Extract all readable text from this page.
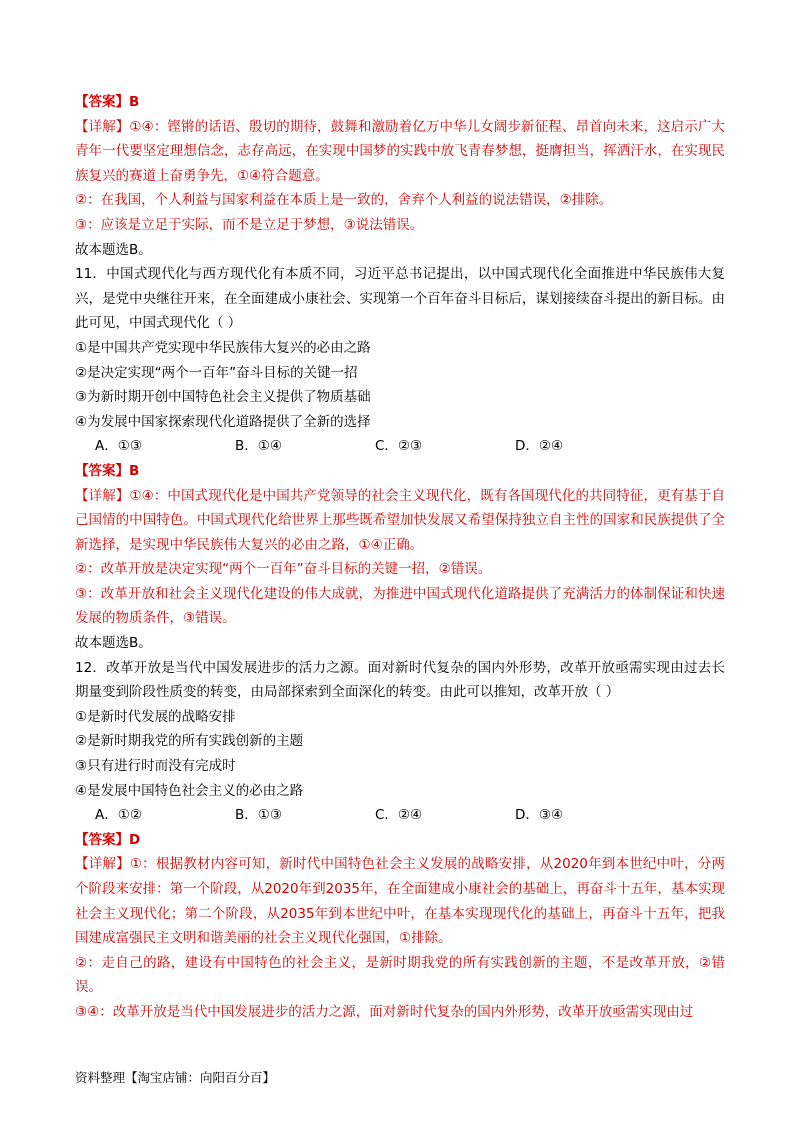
【答案】B
【详解】①④：铿锵的话语、殷切的期待，鼓舞和激励着亿万中华儿女阔步新征程、昂首向未来，这启示广大青年一代要坚定理想信念，志存高远，在实现中国梦的实践中放飞青春梦想，挺膺担当，挥洒汗水，在实现民族复兴的赛道上奋勇争先，①④符合题意。
②：在我国，个人利益与国家利益在本质上是一致的，舍弃个人利益的说法错误，②排除。
③：应该是立足于实际，而不是立足于梦想，③说法错误。
故本题选B。
11．中国式现代化与西方现代化有本质不同，习近平总书记提出，以中国式现代化全面推进中华民族伟大复兴，是党中央继往开来，在全面建成小康社会、实现第一个百年奋斗目标后，谋划接续奋斗提出的新目标。由此可见，中国式现代化（ ）
①是中国共产党实现中华民族伟大复兴的必由之路
②是决定实现“两个一百年”奋斗目标的关键一招
③为新时期开创中国特色社会主义提供了物质基础
④为发展中国家探索现代化道路提供了全新的选择
A．①③	B．①④	C．②③	D．②④
【答案】B
【详解】①④：中国式现代化是中国共产党领导的社会主义现代化，既有各国现代化的共同特征，更有基于自己国情的中国特色。中国式现代化给世界上那些既希望加快发展又希望保持独立自主性的国家和民族提供了全新选择，是实现中华民族伟大复兴的必由之路，①④正确。
②：改革开放是决定实现“两个一百年”奋斗目标的关键一招，②错误。
③：改革开放和社会主义现代化建设的伟大成就，为推进中国式现代化道路提供了充满活力的体制保证和快速发展的物质条件，③错误。
故本题选B。
12．改革开放是当代中国发展进步的活力之源。面对新时代复杂的国内外形势，改革开放亟需实现由过去长期量变到阶段性质变的转变，由局部探索到全面深化的转变。由此可以推知，改革开放（ ）
①是新时代发展的战略安排
②是新时期我党的所有实践创新的主题
③只有进行时而没有完成时
④是发展中国特色社会主义的必由之路
A．①②	B．①③	C．②④	D．③④
【答案】D
【详解】①：根据教材内容可知，新时代中国特色社会主义发展的战略安排，从2020年到本世纪中叶，分两个阶段来安排：第一个阶段，从2020年到2035年，在全面建成小康社会的基础上，再奋斗十五年，基本实现社会主义现代化；第二个阶段，从2035年到本世纪中叶，在基本实现现代化的基础上，再奋斗十五年，把我国建成富强民主文明和谐美丽的社会主义现代化强国，①排除。
②：走自己的路，建设有中国特色的社会主义，是新时期我党的所有实践创新的主题，不是改革开放，②错误。
③④：改革开放是当代中国发展进步的活力之源，面对新时代复杂的国内外形势，改革开放亟需实现由过
资料整理【淘宝店铺：向阳百分百】
